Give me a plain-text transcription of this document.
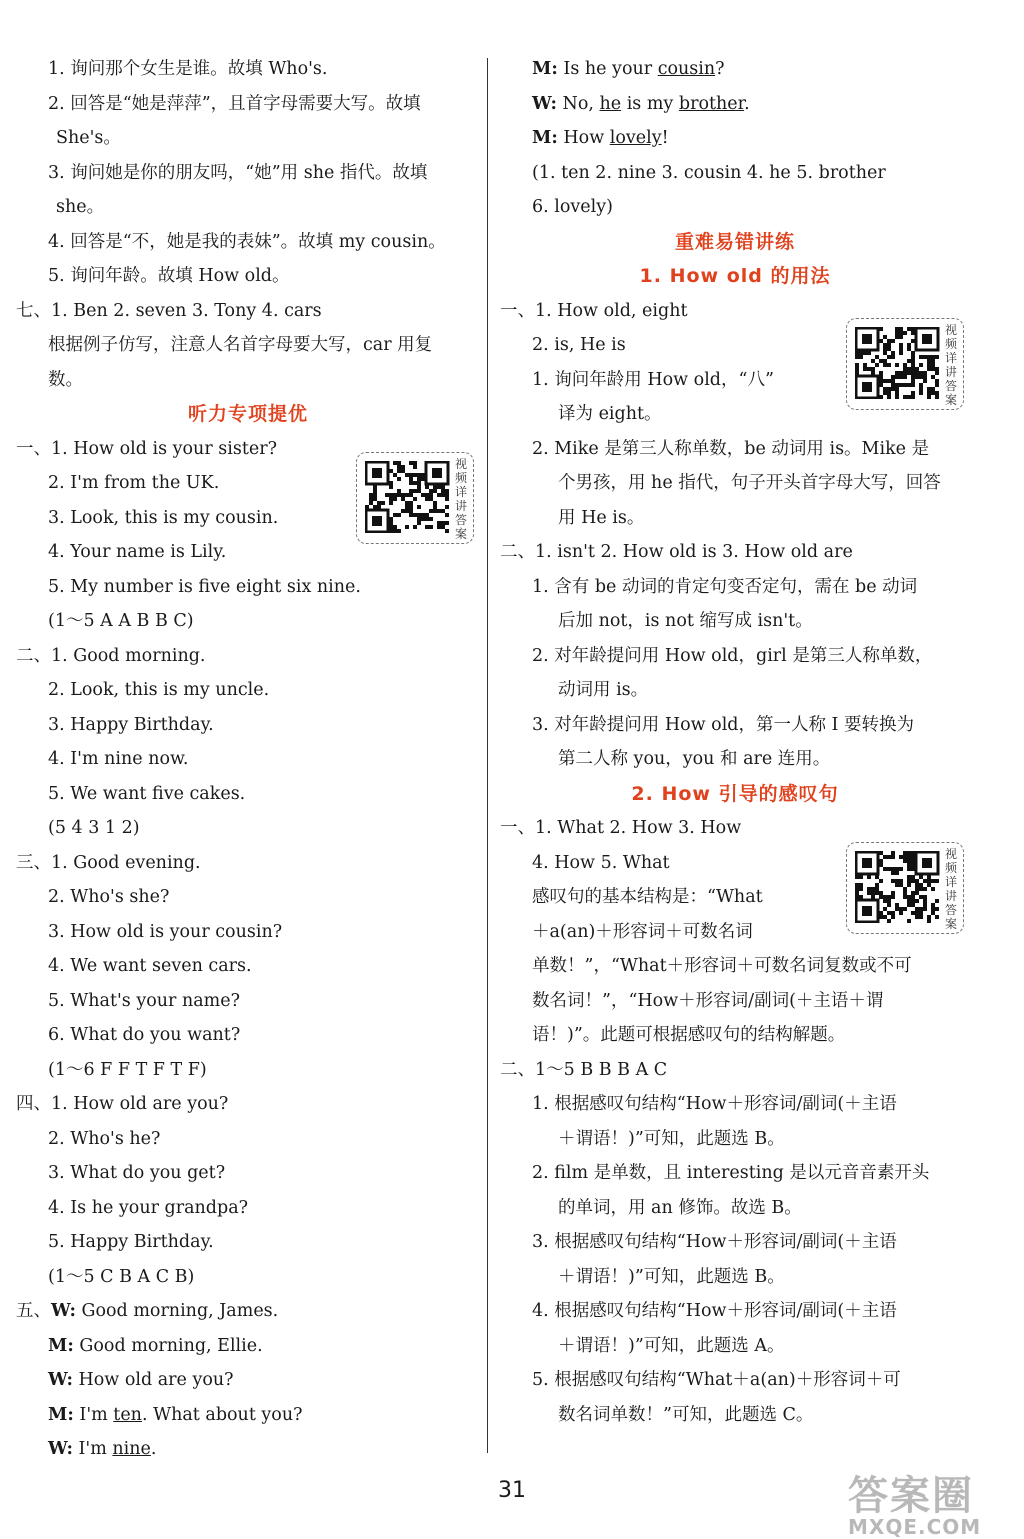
1. 询问那个女生是谁。故填 Who's.
2. 回答是“她是萍萍”，且首字母需要大写。故填
She's。
3. 询问她是你的朋友吗，“她”用 she 指代。故填
she。
4. 回答是“不，她是我的表妹”。故填 my cousin。
5. 询问年龄。故填 How old。
七、1. Ben 2. seven 3. Tony 4. cars
根据例子仿写，注意人名首字母要大写，car 用复
数。
听力专项提优
一、1. How old is your sister?
2. I'm from the UK.
3. Look, this is my cousin.
4. Your name is Lily.
5. My number is five eight six nine.
(1～5 A A B B C)
二、1. Good morning.
2. Look, this is my uncle.
3. Happy Birthday.
4. I'm nine now.
5. We want five cakes.
(5 4 3 1 2)
三、1. Good evening.
2. Who's she?
3. How old is your cousin?
4. We want seven cars.
5. What's your name?
6. What do you want?
(1～6 F F T F T F)
四、1. How old are you?
2. Who's he?
3. What do you get?
4. Is he your grandpa?
5. Happy Birthday.
(1～5 C B A C B)
五、W: Good morning, James.
M: Good morning, Ellie.
W: How old are you?
M: I'm ten. What about you?
W: I'm nine.
M: Is he your cousin?
W: No, he is my brother.
M: How lovely!
(1. ten 2. nine 3. cousin 4. he 5. brother
6. lovely)
重难易错讲练
1. How old 的用法
一、1. How old, eight
2. is, He is
1. 询问年龄用 How old，“八”
译为 eight。
2. Mike 是第三人称单数，be 动词用 is。Mike 是
个男孩，用 he 指代，句子开头首字母大写，回答
用 He is。
二、1. isn't 2. How old is 3. How old are
1. 含有 be 动词的肯定句变否定句，需在 be 动词
后加 not，is not 缩写成 isn't。
2. 对年龄提问用 How old，girl 是第三人称单数，
动词用 is。
3. 对年龄提问用 How old，第一人称 I 要转换为
第二人称 you，you 和 are 连用。
2. How 引导的感叹句
一、1. What 2. How 3. How
4. How 5. What
感叹句的基本结构是：“What
＋a(an)＋形容词＋可数名词
单数！”，“What＋形容词＋可数名词复数或不可
数名词！”，“How＋形容词/副词(＋主语＋谓
语！)”。此题可根据感叹句的结构解题。
二、1～5 B B B A C
1. 根据感叹句结构“How＋形容词/副词(＋主语
＋谓语！)”可知，此题选 B。
2. film 是单数，且 interesting 是以元音音素开头
的单词，用 an 修饰。故选 B。
3. 根据感叹句结构“How＋形容词/副词(＋主语
＋谓语！)”可知，此题选 B。
4. 根据感叹句结构“How＋形容词/副词(＋主语
＋谓语！)”可知，此题选 A。
5. 根据感叹句结构“What＋a(an)＋形容词＋可
数名词单数！”可知，此题选 C。
视频详讲答案
视频详讲答案
视频详讲答案
31	答案圈
MXQE.COM
